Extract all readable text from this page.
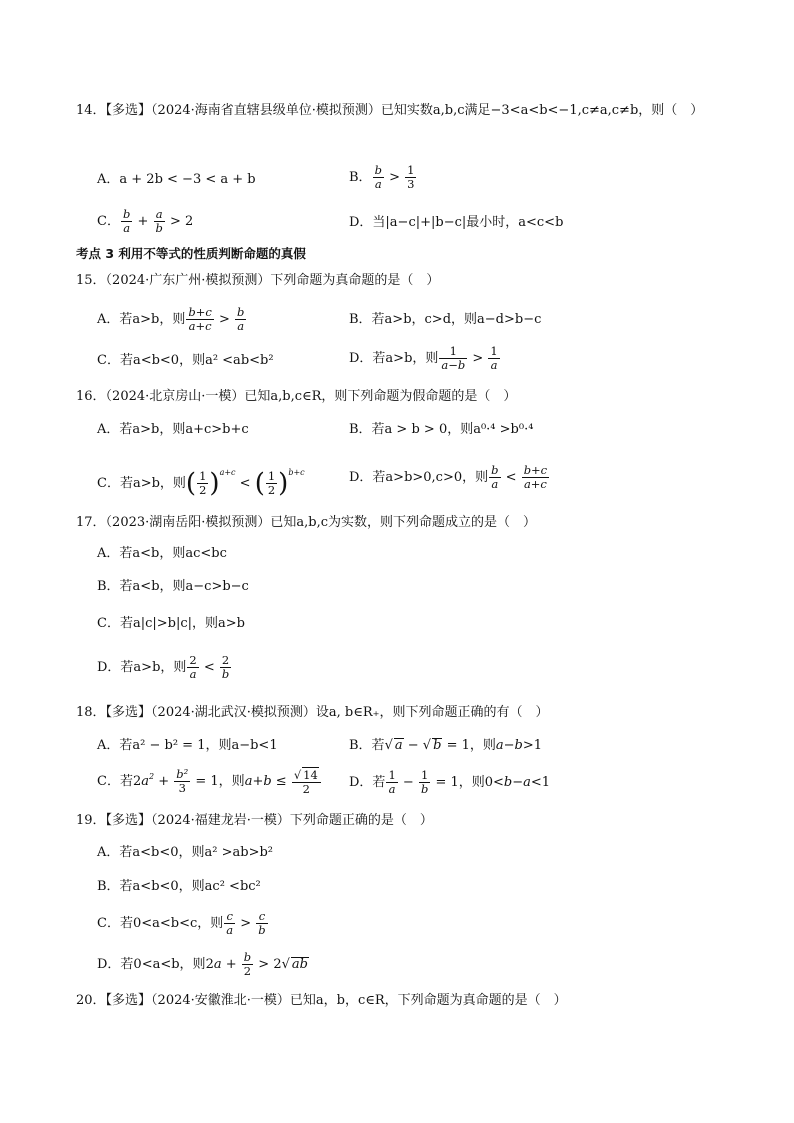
14．【多选】（2024·海南省直辖县级单位·模拟预测）已知实数a,b,c满足−3<a<b<−1,c≠a,c≠b，则（　）
A．a + 2b < −3 < a + b	B． $\frac{b}{a} > \frac{1}{3}$
C． $\frac{b}{a} + \frac{a}{b} > 2$	D．当|a−c|+|b−c|最小时，a<c<b
考点 3 利用不等式的性质判断命题的真假
15．（2024·广东广州·模拟预测）下列命题为真命题的是（　）
A．若a>b，则 $\frac{b+c}{a+c} > \frac{b}{a}$	B．若a>b，c>d，则a−d>b−c
C．若a<b<0，则a² <ab<b²	D．若a>b，则 $\frac{1}{a-b} > \frac{1}{a}$
16．（2024·北京房山·一模）已知a,b,c∈R，则下列命题为假命题的是（　）
A．若a>b，则a+c>b+c	B．若a > b > 0，则a⁰·⁴ >b⁰·⁴
C．若a>b，则( $\frac{1}{2} )^{a+c}$ < ( $\frac{1}{2} )^{b+c}$	D．若a>b>0,c>0，则 $\frac{b}{a} < \frac{b+c}{a+c}$
17．（2023·湖南岳阳·模拟预测）已知a,b,c为实数，则下列命题成立的是（　）
A．若a<b，则ac<bc
B．若a<b，则a−c>b−c
C．若a|c|>b|c|，则a>b
D．若a>b，则 $\frac{2}{a} < \frac{2}{b}$
18．【多选】（2024·湖北武汉·模拟预测）设a, b∈R₊，则下列命题正确的有（　）
A．若a² − b² = 1，则a−b<1	B．若√ a − √ b = 1，则a−b>1
C．若$2a^2 + \frac{\text{b²}}{3} = 1$，则$a+b \le \frac{√ 14}{2}$ D．若 $\frac{1}{a} - \frac{1}{b} = 1$，则0<b−a<1
19．【多选】（2024·福建龙岩·一模）下列命题正确的是（　）
A．若a<b<0，则a² >ab>b²
B．若a<b<0，则ac² <bc²
C．若0<a<b<c，则 $\frac{c}{a} > \frac{c}{b}$
D．若0<a<b，则$2a + \frac{b}{2} > 2√$ ab
20．【多选】（2024·安徽淮北·一模）已知a，b，c∈R，下列命题为真命题的是（　）
